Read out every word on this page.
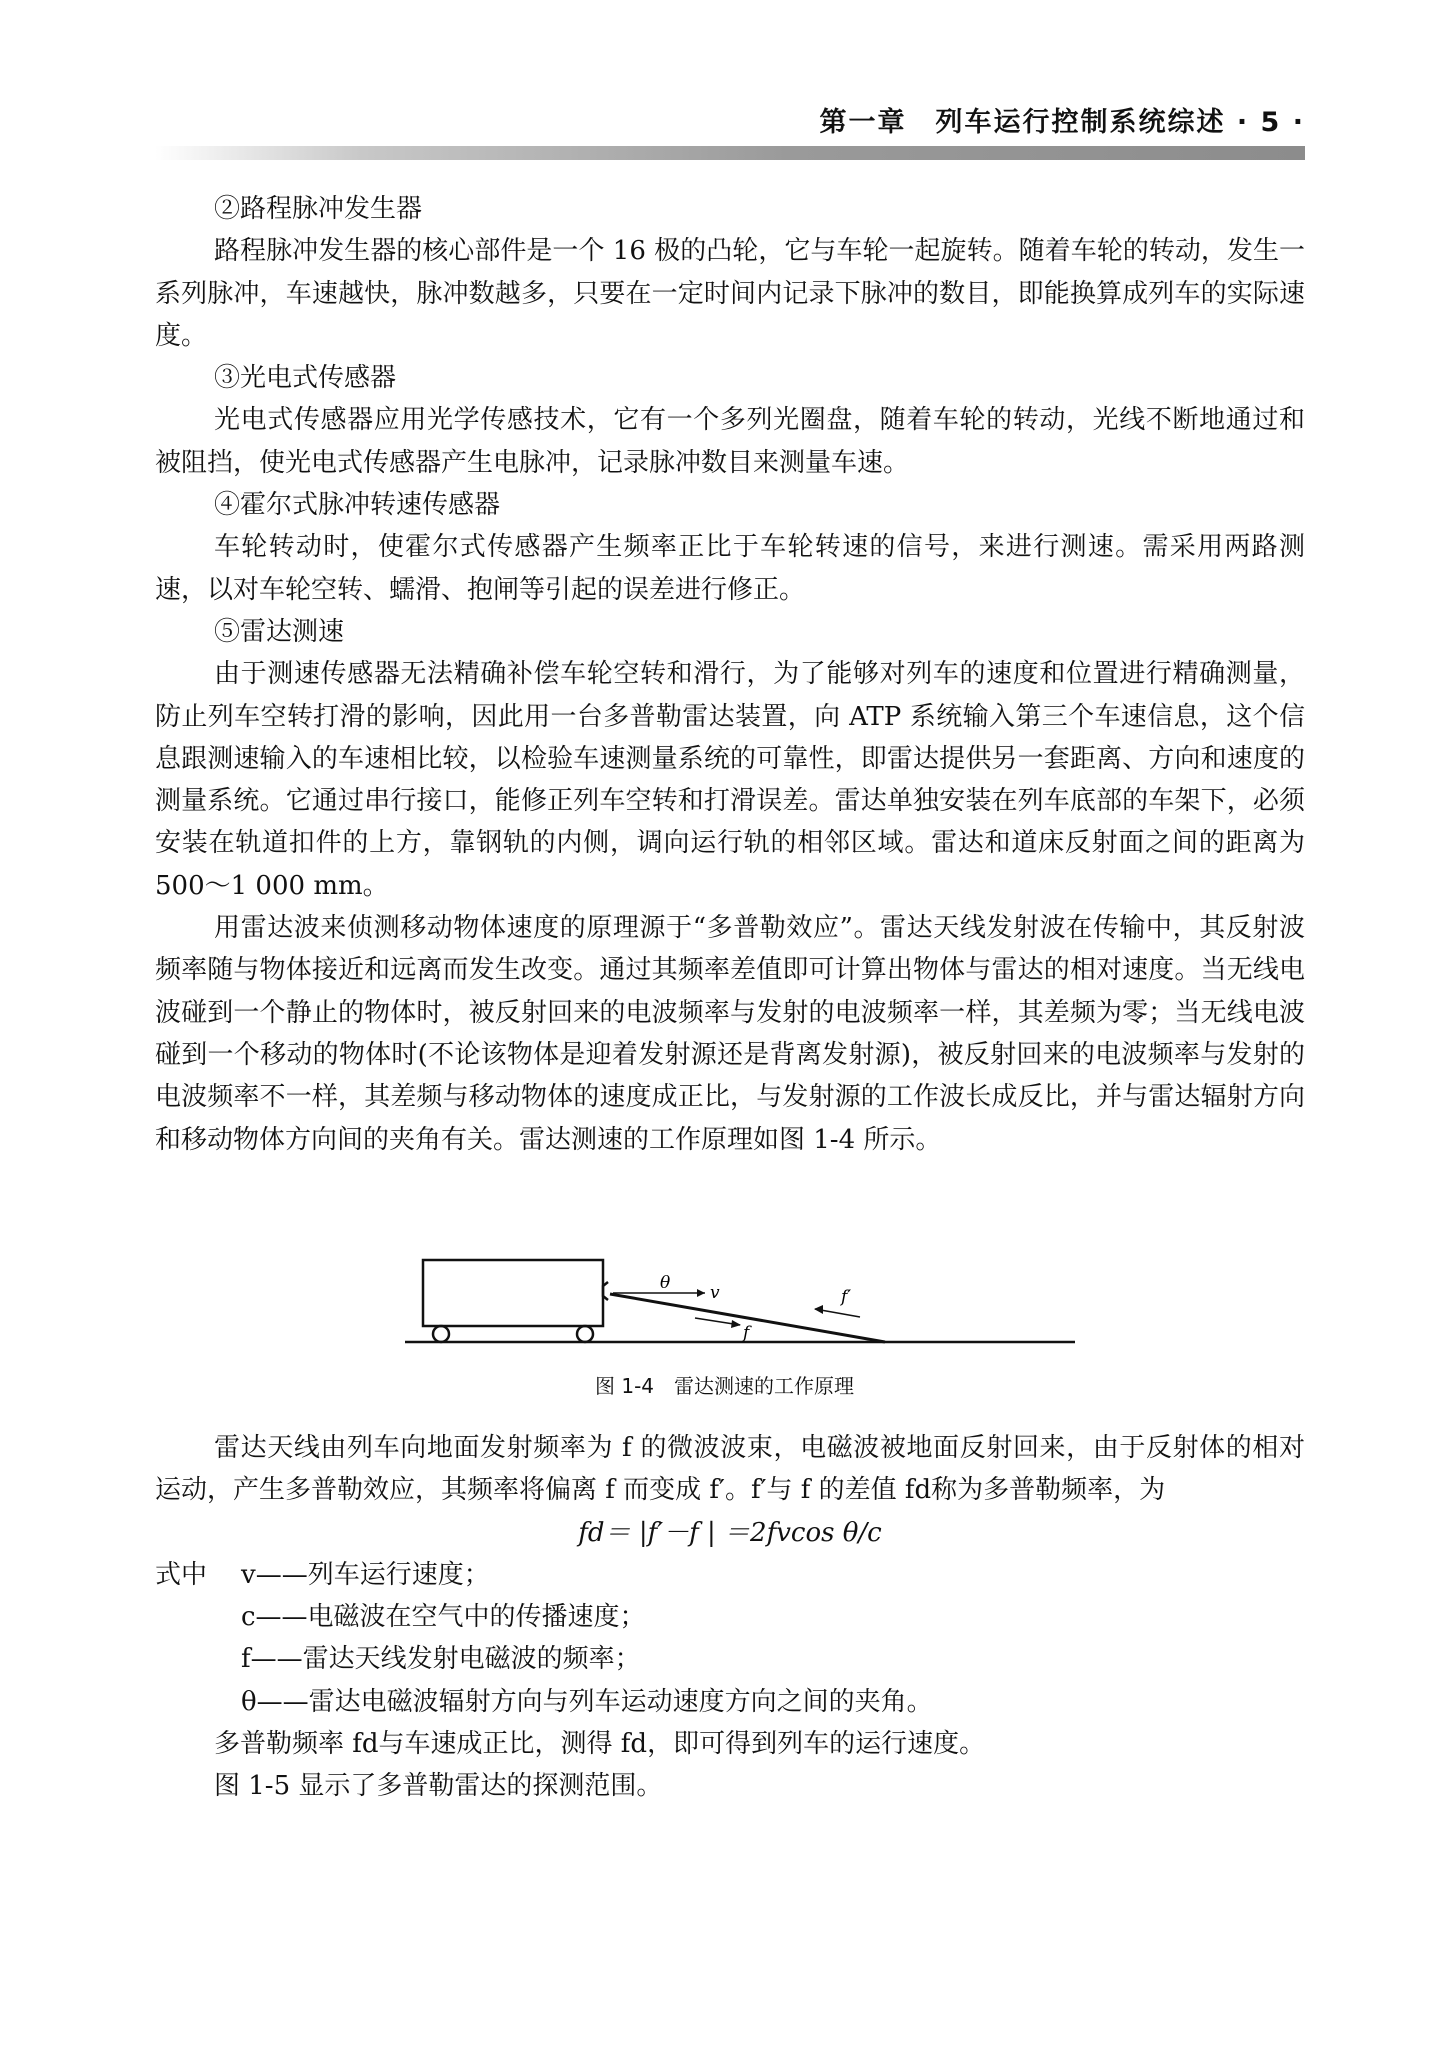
第一章　列车运行控制系统综述 · 5 ·

②路程脉冲发生器

路程脉冲发生器的核心部件是一个 16 极的凸轮，它与车轮一起旋转。随着车轮的转动，发生一系列脉冲，车速越快，脉冲数越多，只要在一定时间内记录下脉冲的数目，即能换算成列车的实际速度。

③光电式传感器

光电式传感器应用光学传感技术，它有一个多列光圈盘，随着车轮的转动，光线不断地通过和被阻挡，使光电式传感器产生电脉冲，记录脉冲数目来测量车速。

④霍尔式脉冲转速传感器

车轮转动时，使霍尔式传感器产生频率正比于车轮转速的信号，来进行测速。需采用两路测速，以对车轮空转、蠕滑、抱闸等引起的误差进行修正。

⑤雷达测速

由于测速传感器无法精确补偿车轮空转和滑行，为了能够对列车的速度和位置进行精确测量，防止列车空转打滑的影响，因此用一台多普勒雷达装置，向 ATP 系统输入第三个车速信息，这个信息跟测速输入的车速相比较，以检验车速测量系统的可靠性，即雷达提供另一套距离、方向和速度的测量系统。它通过串行接口，能修正列车空转和打滑误差。雷达单独安装在列车底部的车架下，必须安装在轨道扣件的上方，靠钢轨的内侧，调向运行轨的相邻区域。雷达和道床反射面之间的距离为 500～1 000 mm。

用雷达波来侦测移动物体速度的原理源于“多普勒效应”。雷达天线发射波在传输中，其反射波频率随与物体接近和远离而发生改变。通过其频率差值即可计算出物体与雷达的相对速度。当无线电波碰到一个静止的物体时，被反射回来的电波频率与发射的电波频率一样，其差频为零；当无线电波碰到一个移动的物体时(不论该物体是迎着发射源还是背离发射源)，被反射回来的电波频率与发射的电波频率不一样，其差频与移动物体的速度成正比，与发射源的工作波长成反比，并与雷达辐射方向和移动物体方向间的夹角有关。雷达测速的工作原理如图 1-4 所示。

θ v	f′
f
图 1-4　雷达测速的工作原理

雷达天线由列车向地面发射频率为 f 的微波波束，电磁波被地面反射回来，由于反射体的相对运动，产生多普勒效应，其频率将偏离 f 而变成 f′。f′与 f 的差值 fd称为多普勒频率，为

fd＝ |f′－f | ＝2fvcos θ/c

式中	v——列车运行速度；

c——电磁波在空气中的传播速度；

f——雷达天线发射电磁波的频率；

θ——雷达电磁波辐射方向与列车运动速度方向之间的夹角。

多普勒频率 fd与车速成正比，测得 fd，即可得到列车的运行速度。

图 1-5 显示了多普勒雷达的探测范围。
